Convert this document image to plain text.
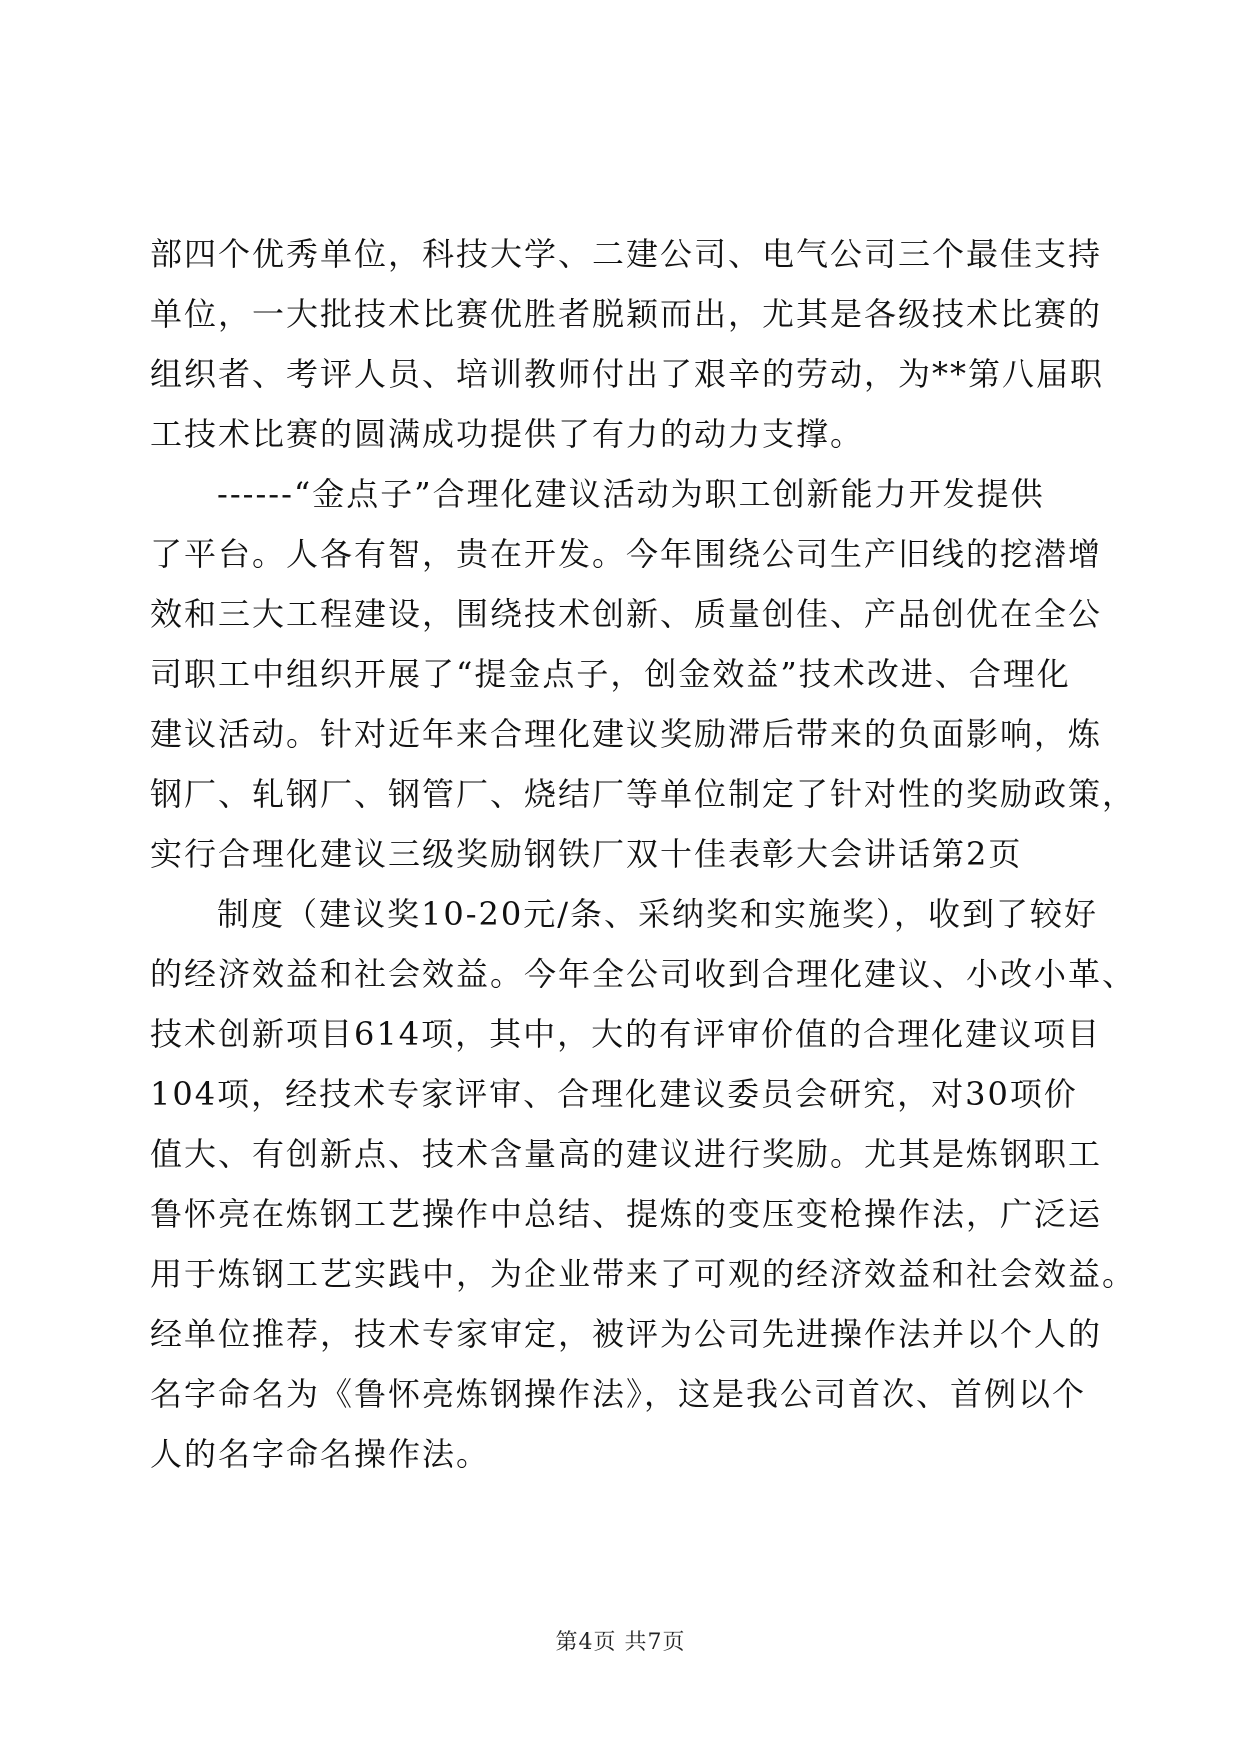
部四个优秀单位，科技大学、二建公司、电气公司三个最佳支持
单位，一大批技术比赛优胜者脱颖而出，尤其是各级技术比赛的
组织者、考评人员、培训教师付出了艰辛的劳动，为**第八届职
工技术比赛的圆满成功提供了有力的动力支撑。
------“金点子”合理化建议活动为职工创新能力开发提供
了平台。人各有智，贵在开发。今年围绕公司生产旧线的挖潜增
效和三大工程建设，围绕技术创新、质量创佳、产品创优在全公
司职工中组织开展了“提金点子，创金效益”技术改进、合理化
建议活动。针对近年来合理化建议奖励滞后带来的负面影响，炼
钢厂、轧钢厂、钢管厂、烧结厂等单位制定了针对性的奖励政策，
实行合理化建议三级奖励钢铁厂双十佳表彰大会讲话第2页
制度（建议奖10-20元/条、采纳奖和实施奖），收到了较好
的经济效益和社会效益。今年全公司收到合理化建议、小改小革、
技术创新项目614项，其中，大的有评审价值的合理化建议项目
104项，经技术专家评审、合理化建议委员会研究，对30项价
值大、有创新点、技术含量高的建议进行奖励。尤其是炼钢职工
鲁怀亮在炼钢工艺操作中总结、提炼的变压变枪操作法，广泛运
用于炼钢工艺实践中，为企业带来了可观的经济效益和社会效益。
经单位推荐，技术专家审定，被评为公司先进操作法并以个人的
名字命名为《鲁怀亮炼钢操作法》，这是我公司首次、首例以个
人的名字命名操作法。
第4页 共7页
